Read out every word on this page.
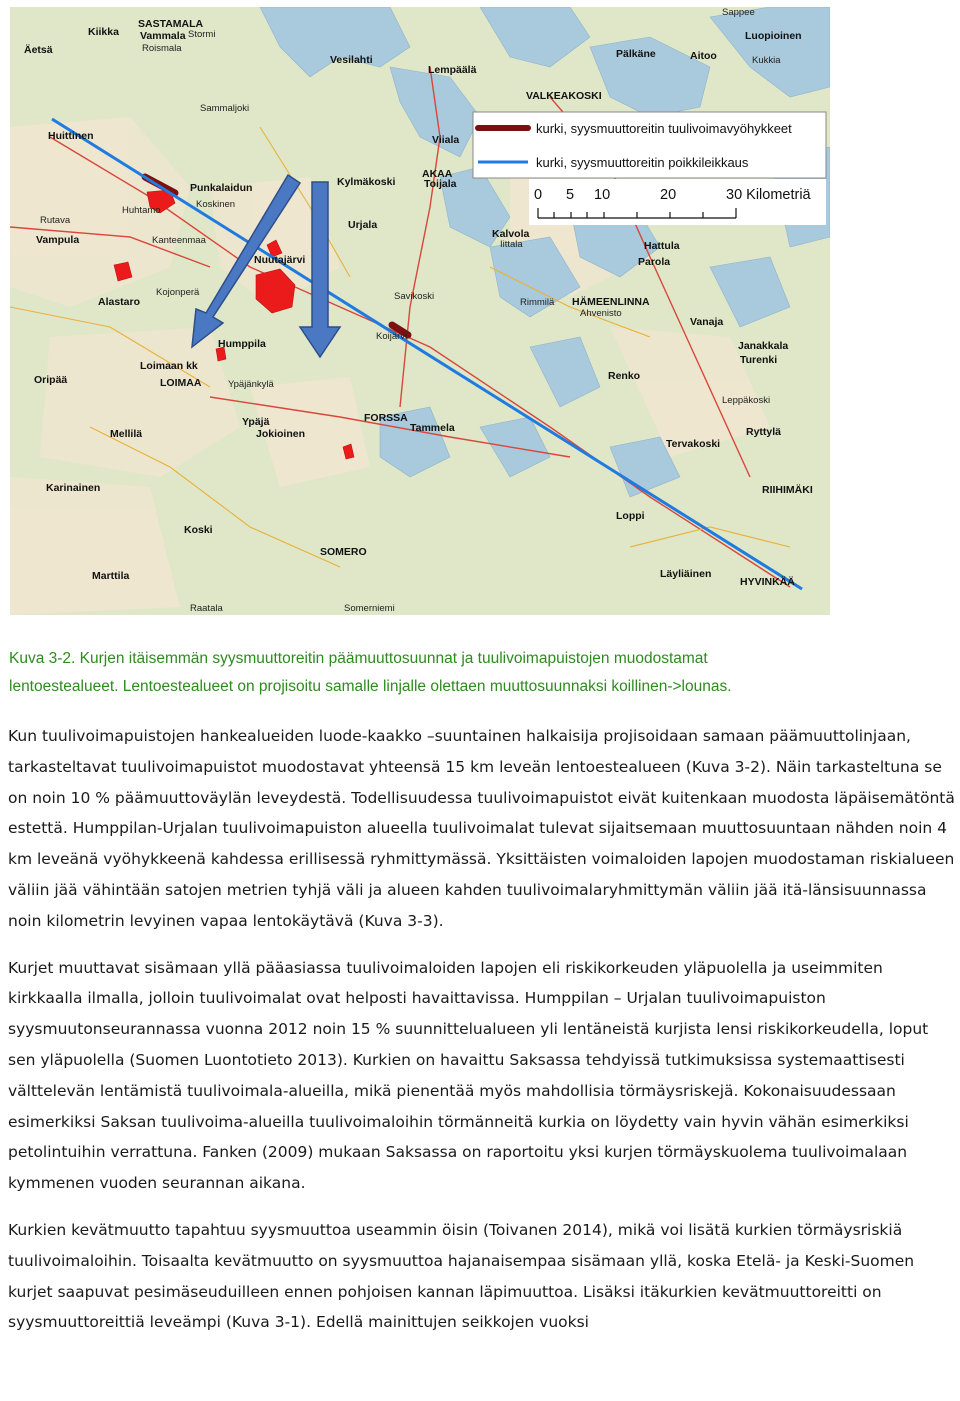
SASTAMALA
Vammala
Roismala
Äetsä
Kiikka	Stormi
Vesilahti
Lempäälä
Sappee
Luopioinen
Pälkäne	Aitoo	Kukkia
VALKEAKOSKI
Huittinen
Sammaljoki
Kylmäkoski
Viiala
AKAA
Toijala
Punkalaidun
Koskinen
Urjala
Huhtamo
Rutava
Vampula	Kanteenmaa
Nuutajärvi
Kalvola
Iittala	Hattula
Parola
Alastaro
Kojonperä	Savikoski
Rimmilä HÄMEENLINNA
Ahvenisto
Humppila
Koijärvi
Loimaan kk
LOIMAA
Oripää
Vanaja
Janakkala
Turenki
Renko
Ypäjänkylä
Ypäjä
Jokioinen
FORSSA
Tammela
Mellilä
Leppäkoski
Ryttylä
Tervakoski
Karinainen	RIIHIMÄKI
Loppi
Koski
SOMERO
Marttila	Läyliäinen
HYVINKÄÄ
Raatala	Somerniemi
kurki, syysmuuttoreitin tuulivoimavyöhykkeet
kurki, syysmuuttoreitin poikkileikkaus
0 5 10	20	30 Kilometriä
Kuva 3-2. Kurjen itäisemmän syysmuuttoreitin päämuuttosuunnat ja tuulivoimapuistojen muodostamat
lentoestealueet. Lentoestealueet on projisoitu samalle linjalle olettaen muuttosuunnaksi koillinen->lounas.

Kun tuulivoimapuistojen hankealueiden luode-kaakko –suuntainen halkaisija projisoidaan samaan päämuuttolinjaan, tarkasteltavat tuulivoimapuistot muodostavat yhteensä 15 km leveän lentoestealueen (Kuva 3-2). Näin tarkasteltuna se on noin 10 % päämuuttoväylän leveydestä. Todellisuudessa tuulivoimapuistot eivät kuitenkaan muodosta läpäisemätöntä estettä. Humppilan-Urjalan tuulivoimapuiston alueella tuulivoimalat tulevat sijaitsemaan muuttosuuntaan nähden noin 4 km leveänä vyöhykkeenä kahdessa erillisessä ryhmittymässä. Yksittäisten voimaloiden lapojen muodostaman riskialueen väliin jää vähintään satojen metrien tyhjä väli ja alueen kahden tuulivoimalaryhmittymän väliin jää itä-länsisuunnassa noin kilometrin levyinen vapaa lentokäytävä (Kuva 3-3).

Kurjet muuttavat sisämaan yllä pääasiassa tuulivoimaloiden lapojen eli riskikorkeuden yläpuolella ja useimmiten kirkkaalla ilmalla, jolloin tuulivoimalat ovat helposti havaittavissa. Humppilan – Urjalan tuulivoimapuiston syysmuutonseurannassa vuonna 2012 noin 15 % suunnittelualueen yli lentäneistä kurjista lensi riskikorkeudella, loput sen yläpuolella (Suomen Luontotieto 2013). Kurkien on havaittu Saksassa tehdyissä tutkimuksissa systemaattisesti välttelevän lentämistä tuulivoimala-alueilla, mikä pienentää myös mahdollisia törmäysriskejä. Kokonaisuudessaan esimerkiksi Saksan tuulivoima-alueilla tuulivoimaloihin törmänneitä kurkia on löydetty vain hyvin vähän esimerkiksi petolintuihin verrattuna. Fanken (2009) mukaan Saksassa on raportoitu yksi kurjen törmäyskuolema tuulivoimalaan kymmenen vuoden seurannan aikana.

Kurkien kevätmuutto tapahtuu syysmuuttoa useammin öisin (Toivanen 2014), mikä voi lisätä kurkien törmäysriskiä tuulivoimaloihin. Toisaalta kevätmuutto on syysmuuttoa hajanaisempaa sisämaan yllä, koska Etelä- ja Keski-Suomen kurjet saapuvat pesimäseuduilleen ennen pohjoisen kannan läpimuuttoa. Lisäksi itäkurkien kevätmuuttoreitti on syysmuuttoreittiä leveämpi (Kuva 3-1). Edellä mainittujen seikkojen vuoksi
